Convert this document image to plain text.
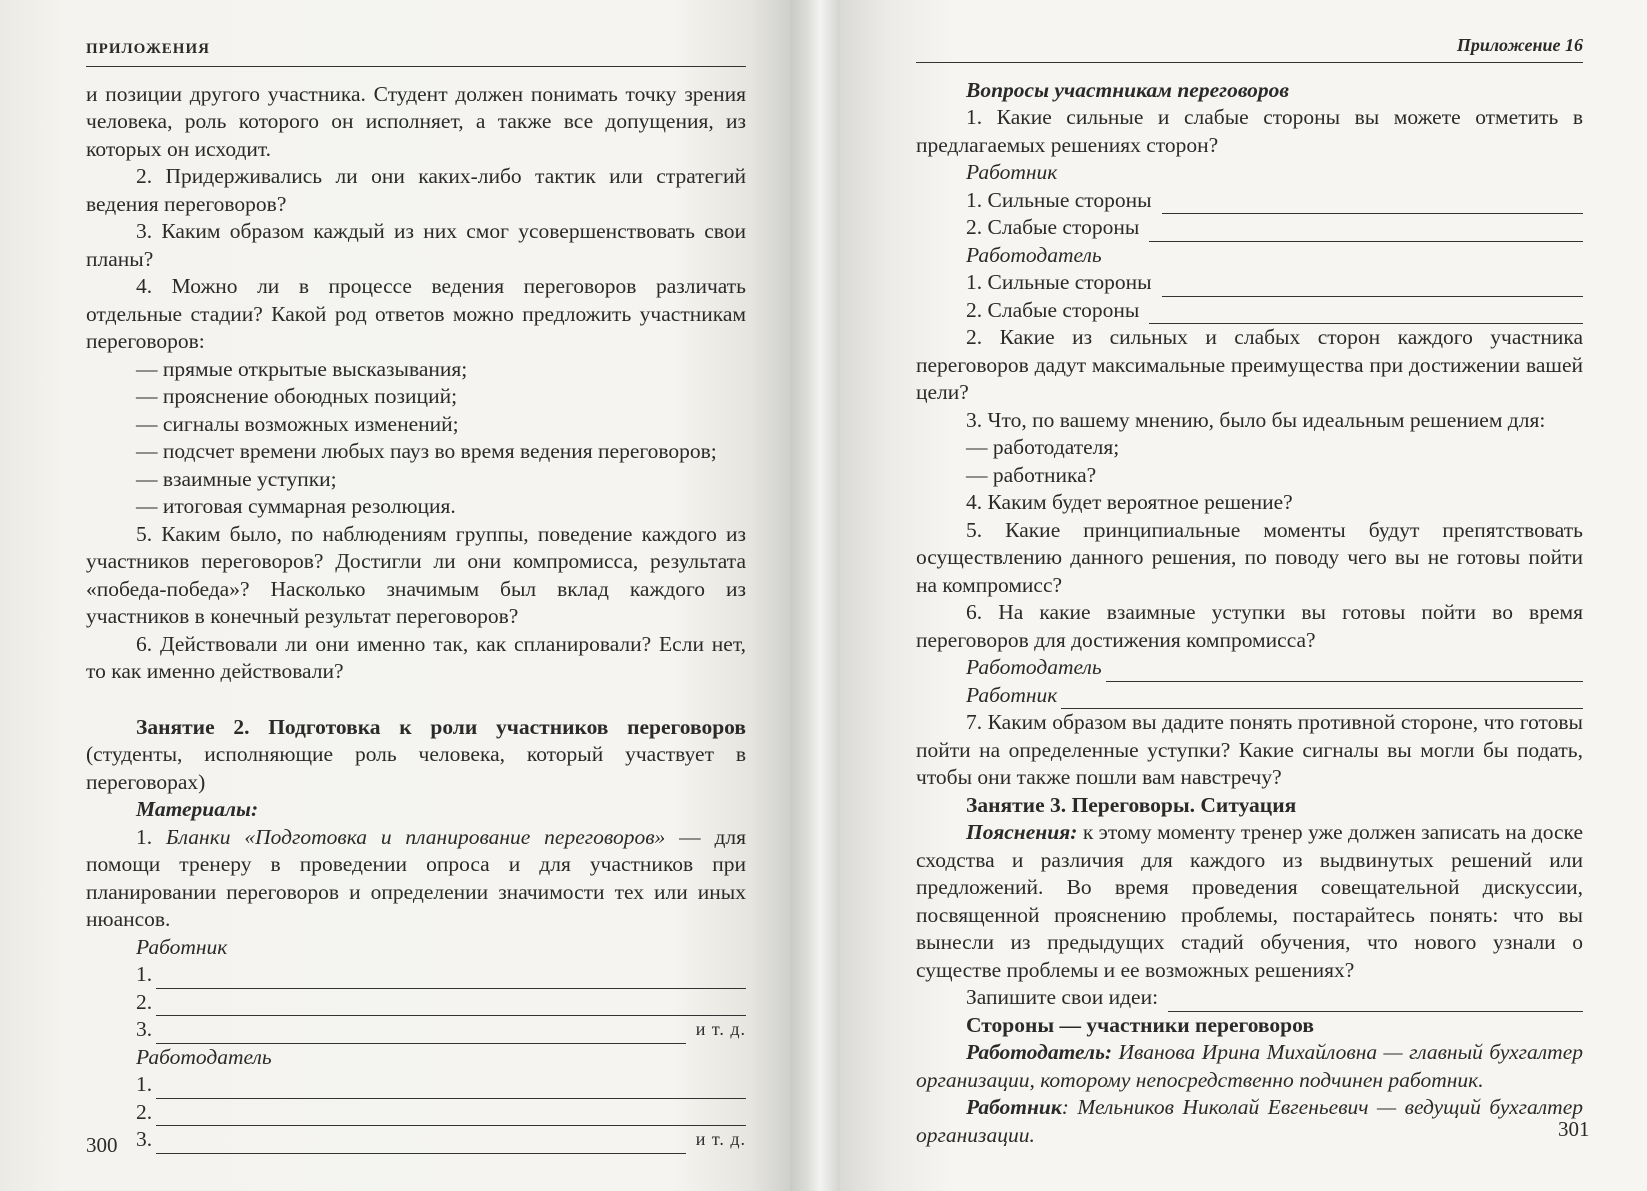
ПРИЛОЖЕНИЯ

и позиции другого участника. Студент должен понимать точку зрения человека, роль которого он исполняет, а также все допущения, из которых он исходит.

2. Придерживались ли они каких-либо тактик или стратегий ведения переговоров?

3. Каким образом каждый из них смог усовершенствовать свои планы?

4. Можно ли в процессе ведения переговоров различать отдельные стадии? Какой род ответов можно предложить участникам переговоров:

— прямые открытые высказывания;

— прояснение обоюдных позиций;

— сигналы возможных изменений;

— подсчет времени любых пауз во время ведения переговоров;

— взаимные уступки;

— итоговая суммарная резолюция.

5. Каким было, по наблюдениям группы, поведение каждого из участников переговоров? Достигли ли они компромисса, результата «победа-победа»? Насколько значимым был вклад каждого из участников в конечный результат переговоров?

6. Действовали ли они именно так, как спланировали? Если нет, то как именно действовали?

Занятие 2. Подготовка к роли участников переговоров (студенты, исполняющие роль человека, который участвует в переговорах)

Материалы:

1. Бланки «Подготовка и планирование переговоров» — для помощи тренеру в проведении опроса и для участников при планировании переговоров и определении значимости тех или иных нюансов.

Работник

1.
2.
3.	и т. д.

Работодатель

1.
2.
3.	и т. д.
300
Приложение 16

Вопросы участникам переговоров

1. Какие сильные и слабые стороны вы можете отметить в предлагаемых решениях сторон?

Работник

1. Сильные стороны
2. Слабые стороны

Работодатель

1. Сильные стороны
2. Слабые стороны

2. Какие из сильных и слабых сторон каждого участника переговоров дадут максимальные преимущества при достижении вашей цели?

3. Что, по вашему мнению, было бы идеальным решением для:

— работодателя;

— работника?

4. Каким будет вероятное решение?

5. Какие принципиальные моменты будут препятствовать осуществлению данного решения, по поводу чего вы не готовы пойти на компромисс?

6. На какие взаимные уступки вы готовы пойти во время переговоров для достижения компромисса?

Работодатель
Работник

7. Каким образом вы дадите понять противной стороне, что готовы пойти на определенные уступки? Какие сигналы вы могли бы подать, чтобы они также пошли вам навстречу?

Занятие 3. Переговоры. Ситуация

Пояснения: к этому моменту тренер уже должен записать на доске сходства и различия для каждого из выдвинутых решений или предложений. Во время проведения совещательной дискуссии, посвященной прояснению проблемы, постарайтесь понять: что вы вынесли из предыдущих стадий обучения, что нового узнали о существе проблемы и ее возможных решениях?

Запишите свои идеи:

Стороны — участники переговоров

Работодатель: Иванова Ирина Михайловна — главный бухгалтер организации, которому непосредственно подчинен работник.

Работник: Мельников Николай Евгеньевич — ведущий бухгалтер организации.	301
